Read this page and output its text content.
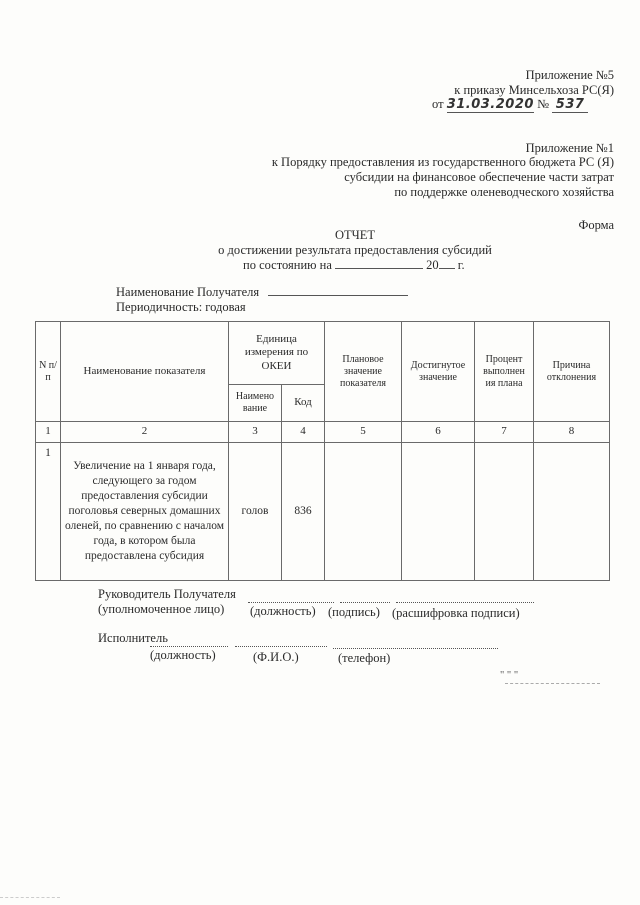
Приложение №5
к приказу Минсельхоза РС(Я)
от 31.03.2020 № 537
Приложение №1
к Порядку предоставления из государственного бюджета РС (Я)
субсидии на финансовое обеспечение части затрат
по поддержке оленеводческого хозяйства
Форма
ОТЧЕТ
о достижении результата предоставления субсидий
по состоянию на	20 г.
Наименование Получателя
Периодичность: годовая
N п/п	Наименование показателя	Единица измерения по ОКЕИ		Плановое значение показателя	Достигнутое значение	Процент выполнен ия плана	Причина отклонения
		Наимено вание	Код				
1	2	3	4	5	6	7	8
1	Увеличение на 1 января года, следующего за годом предоставления субсидии поголовья северных домашних оленей, по сравнению с началом года, в котором была предоставлена субсидия	голов	836				
Руководитель Получателя
(уполномоченное лицо) (должность) (подпись) (расшифровка подписи)
Исполнитель
(должность)	(Ф.И.О.)	(телефон)
" " "
